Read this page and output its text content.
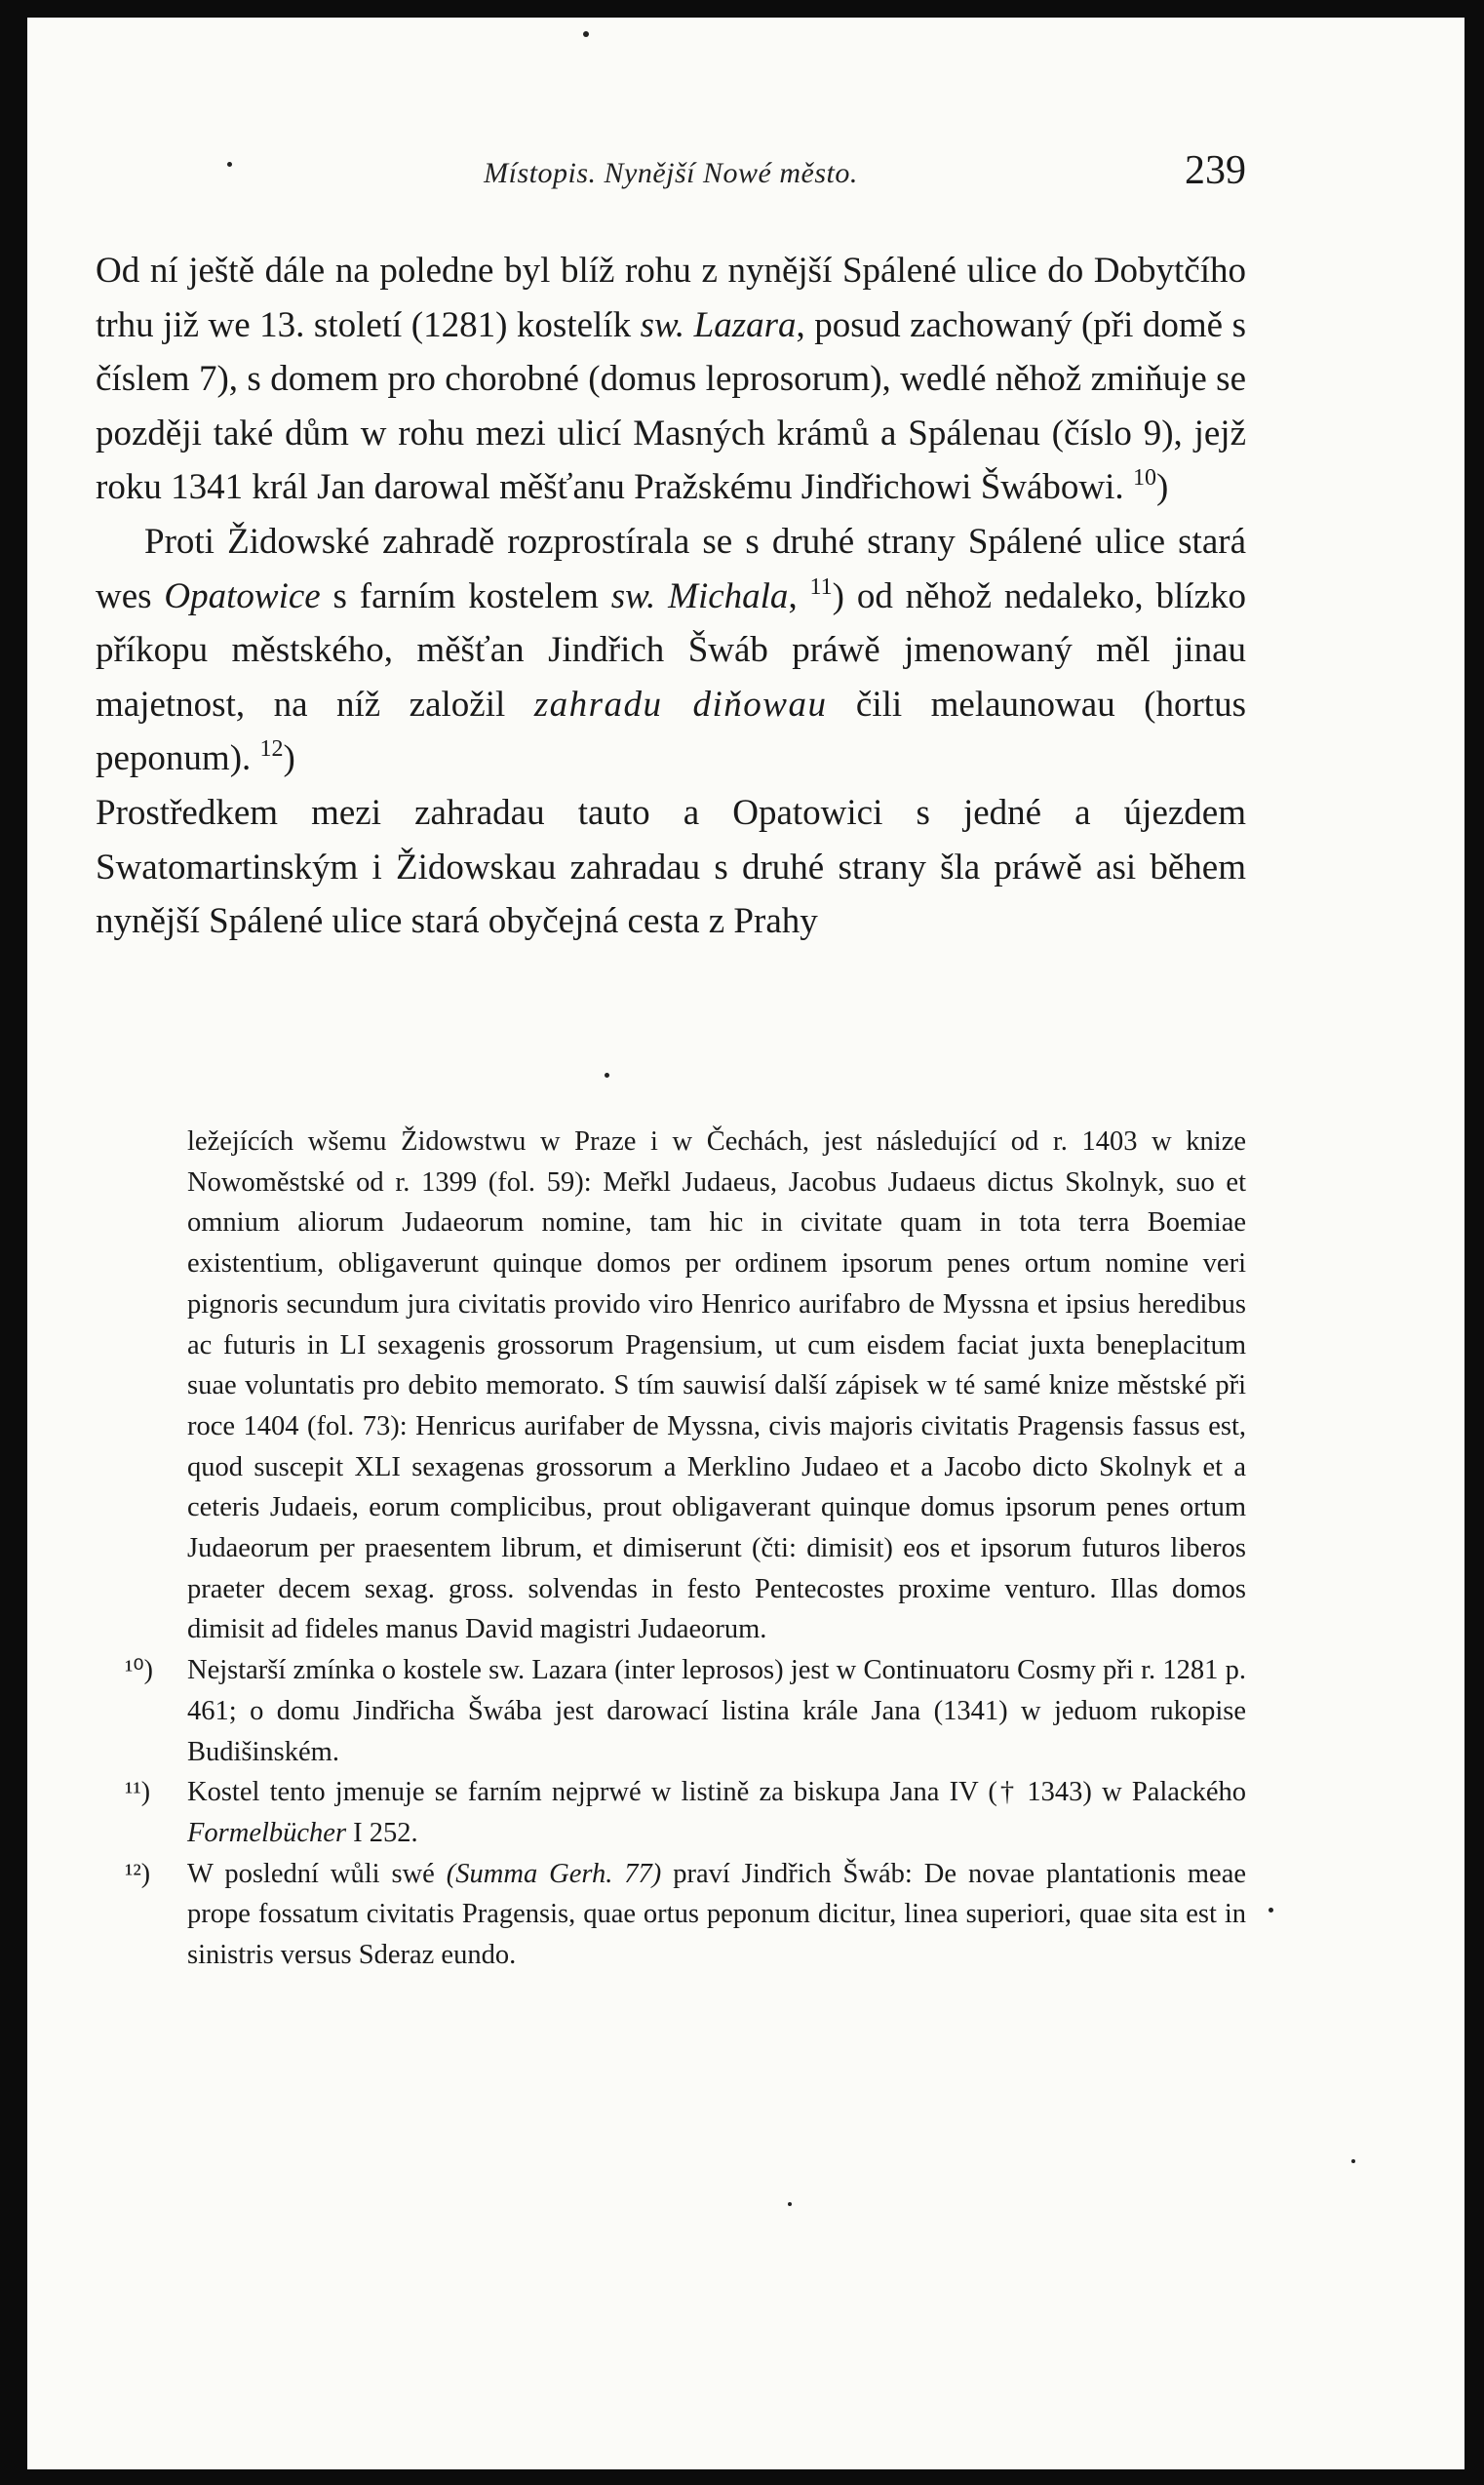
Místopis. Nynější Nowé město.	239

Od ní ještě dále na poledne byl blíž rohu z nynější Spálené ulice do Dobytčího trhu již we 13. století (1281) kostelík sw. Lazara, posud zachowaný (při domě s číslem 7), s domem pro chorobné (domus leprosorum), wedlé něhož zmiňuje se později také dům w rohu mezi ulicí Masných krámů a Spálenau (číslo 9), jejž roku 1341 král Jan darowal měšťanu Pražskému Jindřichowi Šwábowi. $^{10}$)

Proti Židowské zahradě rozprostírala se s druhé strany Spálené ulice stará wes Opatowice s farním kostelem sw. Michala, $^{11}$) od něhož nedaleko, blízko příkopu městského, měšťan Jindřich Šwáb práwě jmenowaný měl jinau majetnost, na níž založil zahradu diňowau čili melaunowau (hortus peponum). $^{12}$)

Prostředkem mezi zahradau tauto a Opatowici s jedné a újezdem Swatomartinským i Židowskau zahradau s druhé strany šla práwě asi během nynější Spálené ulice stará obyčejná cesta z Prahy

ležejících wšemu Židowstwu w Praze i w Čechách, jest následující od r. 1403 w knize Nowoměstské od r. 1399 (fol. 59): Meřkl Judaeus, Jacobus Judaeus dictus Skolnyk, suo et omnium aliorum Judaeorum nomine, tam hic in civitate quam in tota terra Boemiae existentium, obligaverunt quinque domos per ordinem ipsorum penes ortum nomine veri pignoris secundum jura civitatis provido viro Henrico aurifabro de Myssna et ipsius heredibus ac futuris in LI sexagenis grossorum Pragensium, ut cum eisdem faciat juxta beneplacitum suae voluntatis pro debito memorato. S tím sauwisí další zápisek w té samé knize městské při roce 1404 (fol. 73): Henricus aurifaber de Myssna, civis majoris civitatis Pragensis fassus est, quod suscepit XLI sexagenas grossorum a Merklino Judaeo et a Jacobo dicto Skolnyk et a ceteris Judaeis, eorum complicibus, prout obligaverant quinque domus ipsorum penes ortum Judaeorum per praesentem librum, et dimiserunt (čti: dimisit) eos et ipsorum futuros liberos praeter decem sexag. gross. solvendas in festo Pentecostes proxime venturo. Illas domos dimisit ad fideles manus David magistri Judaeorum.

¹⁰)	Nejstarší zmínka o kostele sw. Lazara (inter leprosos) jest w Continuatoru Cosmy při r. 1281 p. 461; o domu Jindřicha Šwába jest darowací listina krále Jana (1341) w jeduom rukopise Budišinském.

¹¹)	Kostel tento jmenuje se farním nejprwé w listině za biskupa Jana IV († 1343) w Palackého Formelbücher I 252.

¹²)	W poslední wůli swé (Summa Gerh. 77) praví Jindřich Šwáb: De novae plantationis meae prope fossatum civitatis Pragensis, quae ortus peponum dicitur, linea superiori, quae sita est in sinistris versus Sderaz eundo.
